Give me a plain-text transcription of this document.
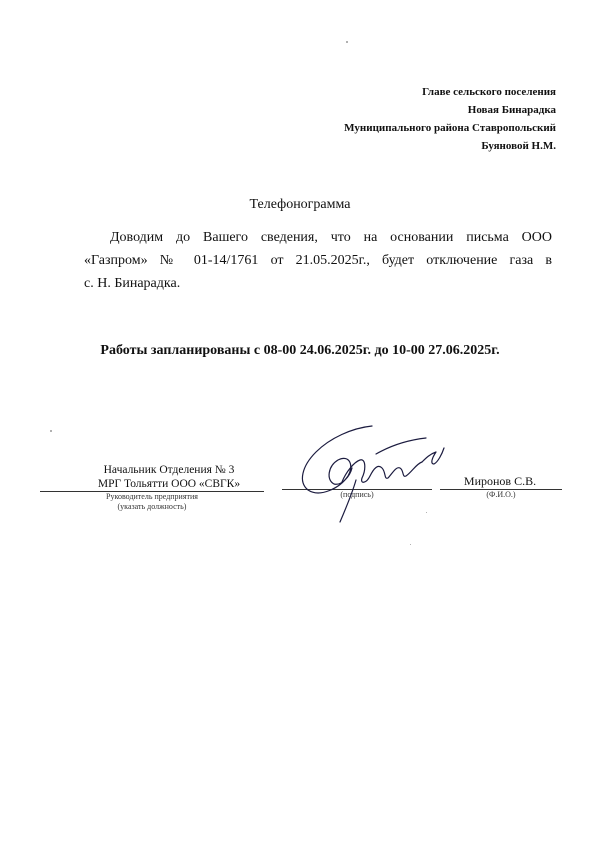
Главе сельского поселения
Новая Бинарадка
Муниципального района Ставропольский
Буяновой Н.М.
Телефонограмма
Доводим до Вашего сведения, что на основании письма ООО
«Газпром» № 01-14/1761 от 21.05.2025г., будет отключение газа в
с. Н. Бинарадка.
Работы запланированы с 08-00 24.06.2025г. до 10-00 27.06.2025г.
Начальник Отделения № 3
МРГ Тольятти ООО «СВГК»
Руководитель предприятия
(указать должность)
(подпись)
Миронов С.В.
(Ф.И.О.)
